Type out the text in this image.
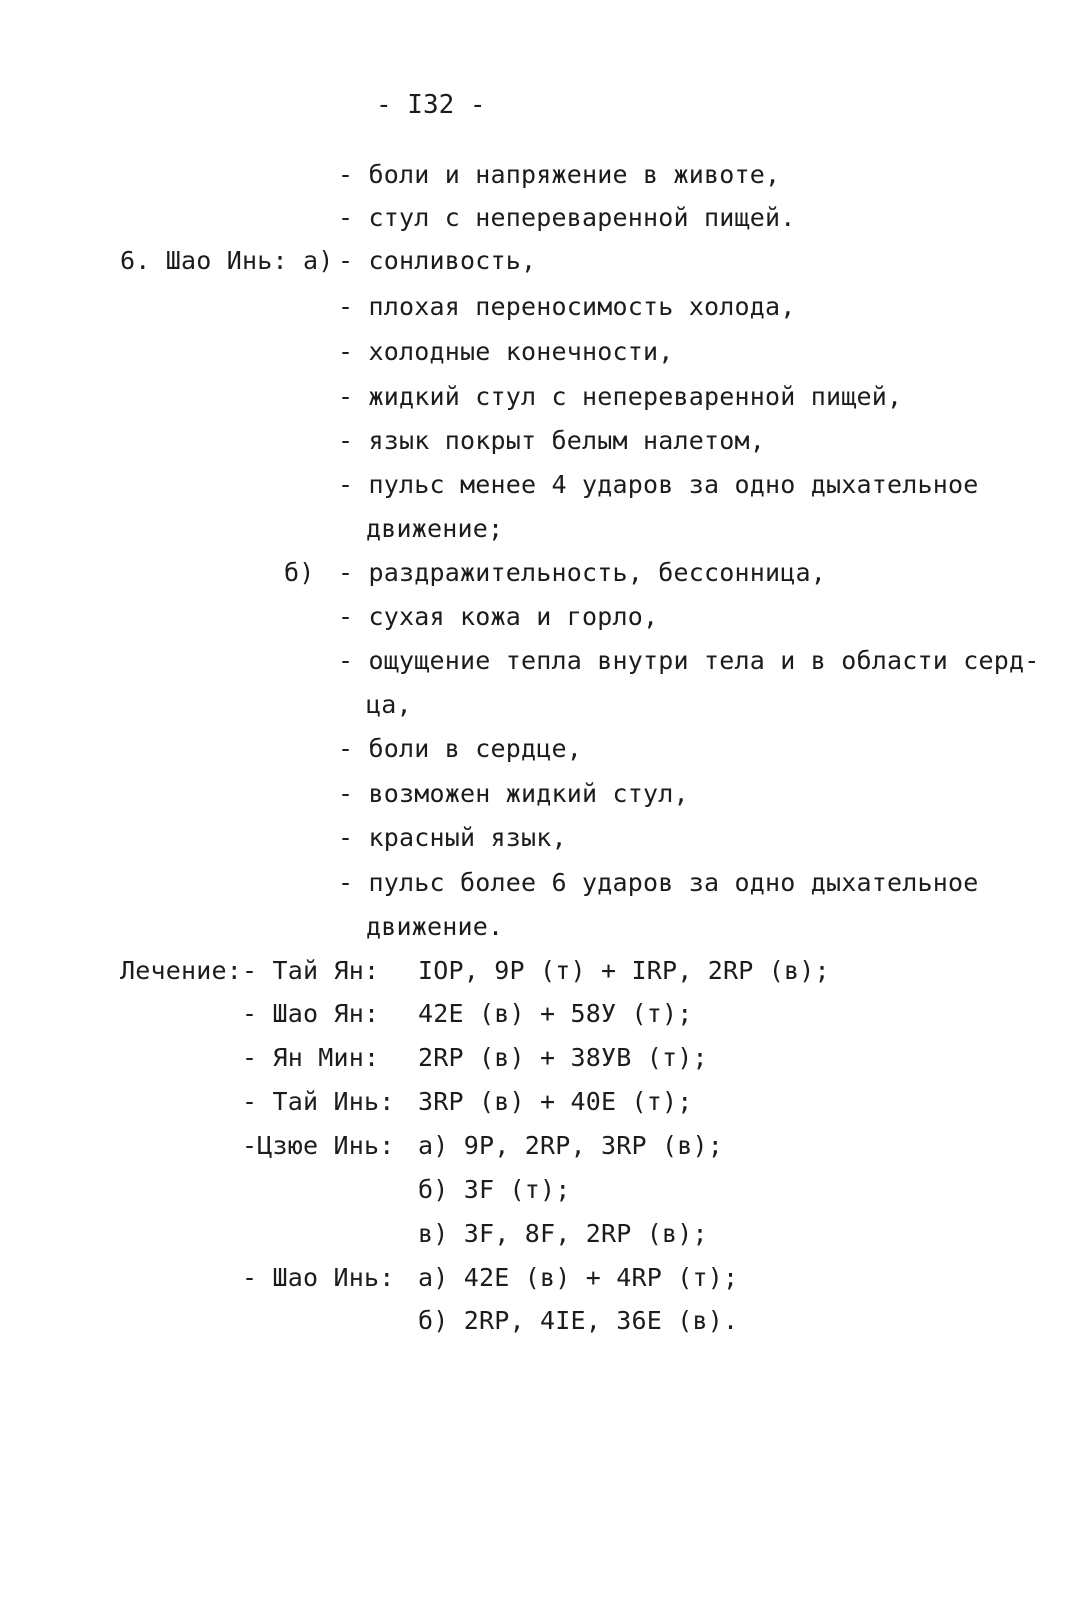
- I32 -
- боли и напряжение в животе,
- стул с непереваренной пищей.
6. Шао Инь: а) - сонливость,
- плохая переносимость холода,
- холодные конечности,
- жидкий стул с непереваренной пищей,
- язык покрыт белым налетом,
- пульс менее 4 ударов за одно дыхательное
движение;
б) - раздражительность, бессонница,
- сухая кожа и горло,
- ощущение тепла внутри тела и в области серд-
ца,
- боли в сердце,
- возможен жидкий стул,
- красный язык,
- пульс более 6 ударов за одно дыхательное
движение.
Лечение: - Тай Ян: IOP, 9P (т) + IRP, 2RP (в);
- Шао Ян: 42E (в) + 58У (т);
- Ян Мин: 2RP (в) + 38УВ (т);
- Тай Инь: 3RP (в) + 40E (т);
-Цзюе Инь: а) 9P, 2RP, 3RP (в);
б) 3F (т);
в) 3F, 8F, 2RP (в);
- Шао Инь: а) 42E (в) + 4RP (т);
б) 2RP, 4IE, 36E (в).
